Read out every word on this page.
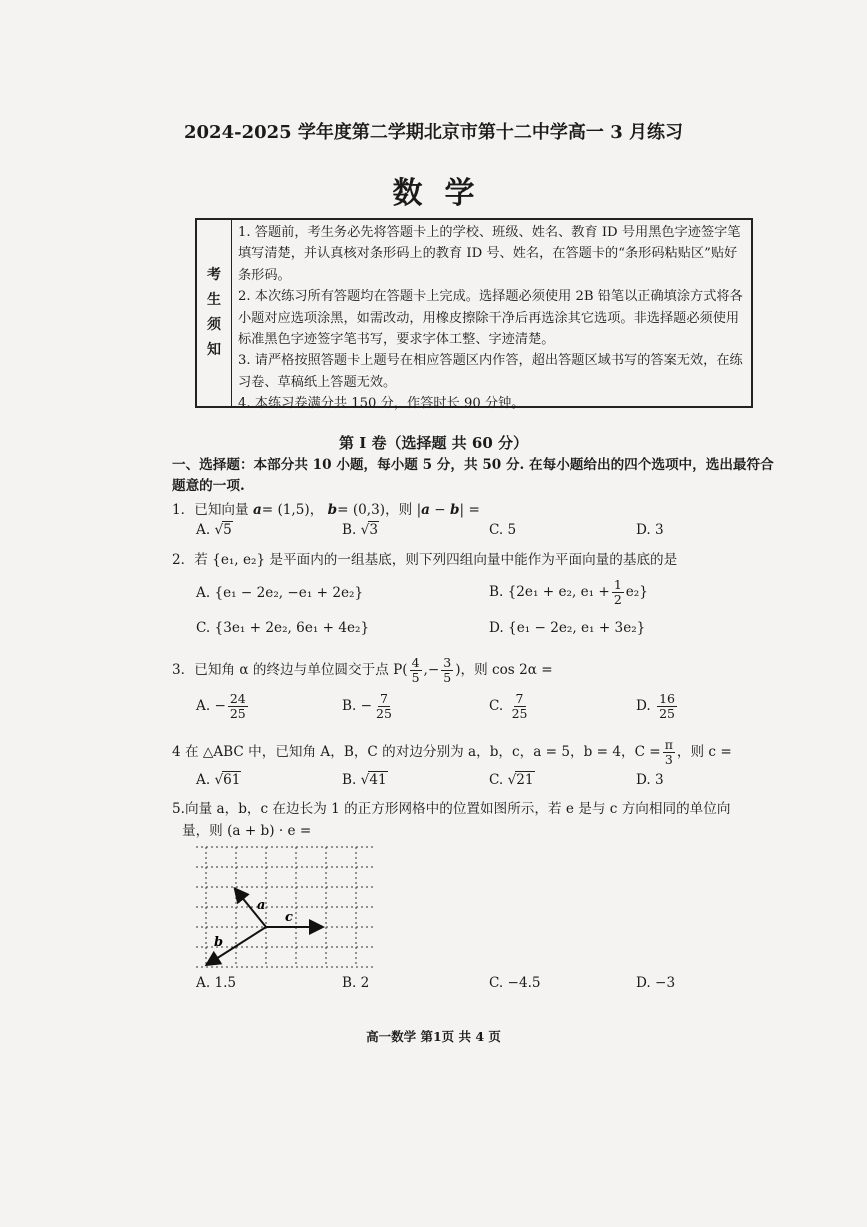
2024-2025 学年度第二学期北京市第十二中学高一 3 月练习
数学
考
生
须
知

1. 答题前，考生务必先将答题卡上的学校、班级、姓名、教育 ID 号用黑色字迹签字笔填写清楚，并认真核对条形码上的教育 ID 号、姓名，在答题卡的“条形码粘贴区”贴好条形码。

2. 本次练习所有答题均在答题卡上完成。选择题必须使用 2B 铅笔以正确填涂方式将各小题对应选项涂黑，如需改动，用橡皮擦除干净后再选涂其它选项。非选择题必须使用标准黑色字迹签字笔书写，要求字体工整、字迹清楚。

3. 请严格按照答题卡上题号在相应答题区内作答，超出答题区域书写的答案无效，在练习卷、草稿纸上答题无效。

4. 本练习卷满分共 150 分，作答时长 90 分钟。

第 I 卷（选择题 共 60 分）
一、选择题：本部分共 10 小题，每小题 5 分，共 50 分. 在每小题给出的四个选项中，选出最符合题意的一项.
1．已知向量 a= (1,5)， b= (0,3)，则 |a − b| =
A. √5	B. √3	C. 5	D. 3
2．若 {e₁, e₂} 是平面内的一组基底，则下列四组向量中能作为平面向量的基底的是
A. {e₁ − 2e₂, −e₁ + 2e₂}	B. {2e₁ + e₂, $e_1 + \frac{1}{2} e_2$}
C. {3e₁ + 2e₂, 6e₁ + 4e₂}	D. {e₁ − 2e₂, e₁ + 3e₂}
3．已知角 α 的终边与单位圆交于点 $P( \frac{4}{5}$ ,− $\frac{3}{5}$ )，则 cos 2α =
A. − $\frac{24}{25}$	B. − $\frac{7}{25}$	C. $\frac{7}{25}$	D. $\frac{16}{25}$
4 在 △ABC 中，已知角 A，B，C 的对边分别为 a，b，c，a = 5，b = 4，$C = \frac{\pi}{3}$ ，则 c =
A. √61	B. √41	C. √21	D. 3
5.向量 a，b，c 在边长为 1 的正方形网格中的位置如图所示，若 e 是与 c 方向相同的单位向
量，则 (a + b) · e =
a
c
b
A. 1.5	B. 2	C. −4.5	D. −3
高一数学 第1页 共 4 页
